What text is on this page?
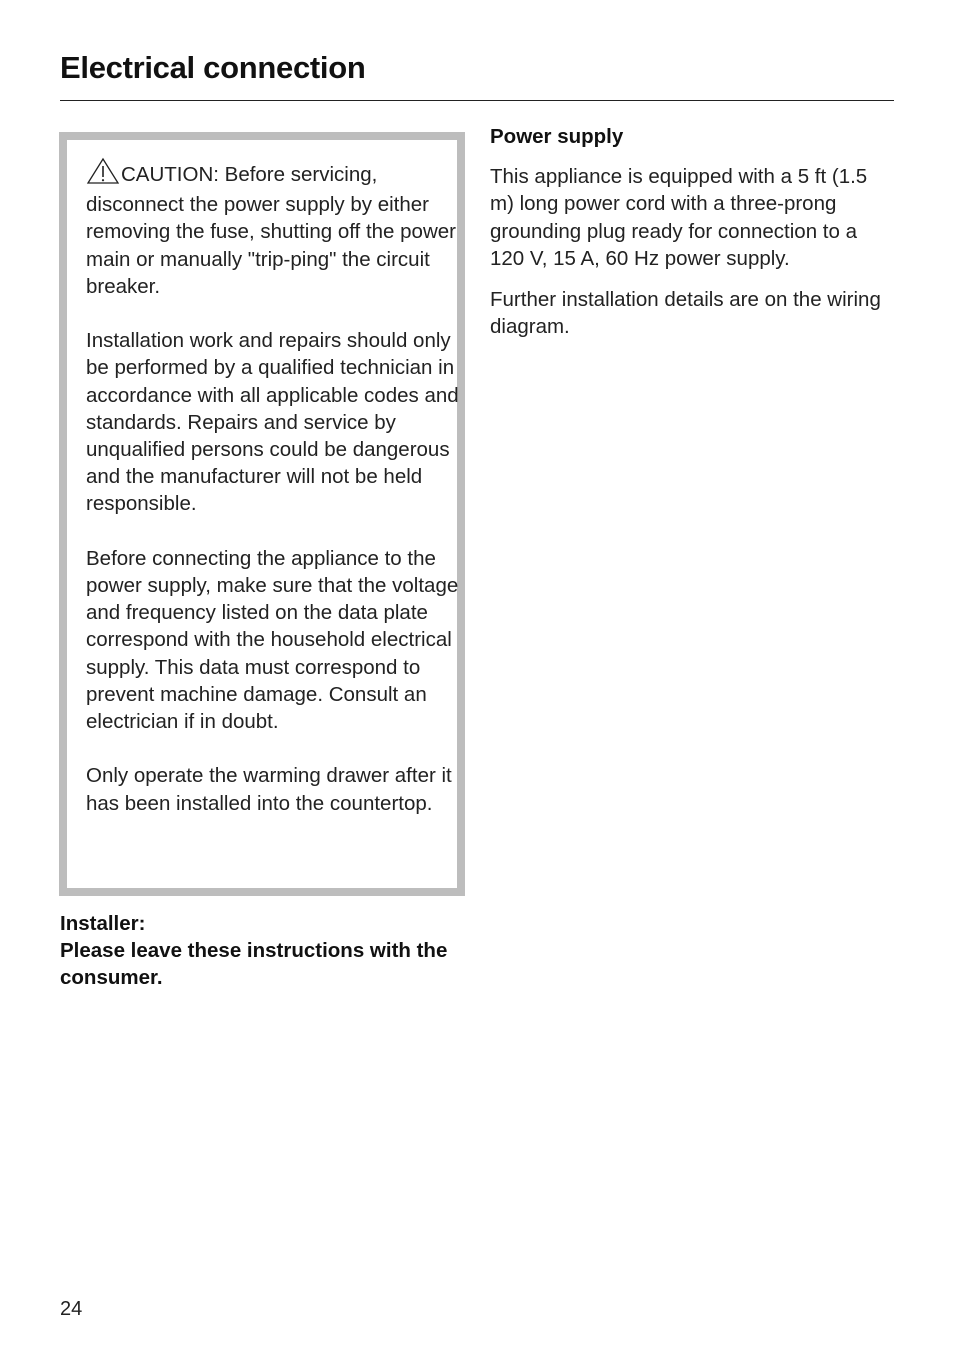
Electrical connection

CAUTION: Before servicing, disconnect the power supply by either removing the fuse, shutting off the power main or manually "trip-ping" the circuit breaker.

Installation work and repairs should only be performed by a qualified technician in accordance with all applicable codes and standards. Repairs and service by unqualified persons could be dangerous and the manufacturer will not be held responsible.

Before connecting the appliance to the power supply, make sure that the voltage and frequency listed on the data plate correspond with the household electrical supply. This data must correspond to prevent machine damage. Consult an electrician if in doubt.

Only operate the warming drawer after it has been installed into the countertop.

Installer:
Please leave these instructions with the consumer.
Power supply

This appliance is equipped with a 5 ft (1.5 m) long power cord with a three-prong grounding plug ready for connection to a 120 V, 15 A, 60 Hz power supply.

Further installation details are on the wiring diagram.

24
